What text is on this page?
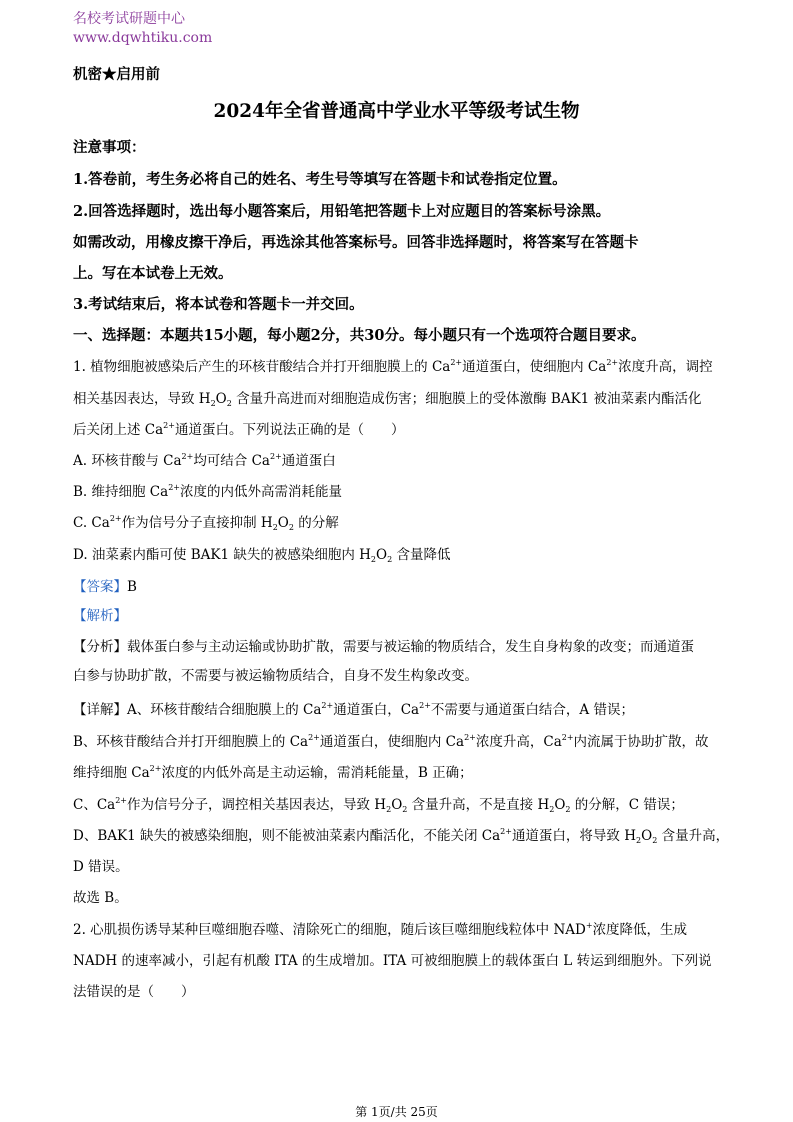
名校考试研题中心
www.dqwhtiku.com
机密★启用前
2024年全省普通高中学业水平等级考试生物
注意事项：
1.答卷前，考生务必将自己的姓名、考生号等填写在答题卡和试卷指定位置。
2.回答选择题时，选出每小题答案后，用铅笔把答题卡上对应题目的答案标号涂黑。
如需改动，用橡皮擦干净后，再选涂其他答案标号。回答非选择题时，将答案写在答题卡
上。写在本试卷上无效。
3.考试结束后，将本试卷和答题卡一并交回。
一、选择题：本题共15小题，每小题2分，共30分。每小题只有一个选项符合题目要求。
1. 植物细胞被感染后产生的环核苷酸结合并打开细胞膜上的 $Ca^{2+}$通道蛋白，使细胞内 $Ca^{2+}$浓度升高，调控
相关基因表达，导致 $H_2O_2$ 含量升高进而对细胞造成伤害；细胞膜上的受体激酶 BAK1 被油菜素内酯活化
后关闭上述 $Ca^{2+}$通道蛋白。下列说法正确的是（　　）
A. 环核苷酸与 $Ca^{2+}$均可结合 $Ca^{2+}$通道蛋白
B. 维持细胞 $Ca^{2+}$浓度的内低外高需消耗能量
C. $Ca^{2+}$作为信号分子直接抑制 $H_2O_2$ 的分解
D. 油菜素内酯可使 BAK1 缺失的被感染细胞内 $H_2O_2$ 含量降低
【答案】B
【解析】
【分析】载体蛋白参与主动运输或协助扩散，需要与被运输的物质结合，发生自身构象的改变；而通道蛋
白参与协助扩散，不需要与被运输物质结合，自身不发生构象改变。
【详解】A、环核苷酸结合细胞膜上的 $Ca^{2+}$通道蛋白，$Ca^{2+}$不需要与通道蛋白结合，A 错误；
B、环核苷酸结合并打开细胞膜上的 $Ca^{2+}$通道蛋白，使细胞内 $Ca^{2+}$浓度升高，$Ca^{2+}$内流属于协助扩散，故
维持细胞 $Ca^{2+}$浓度的内低外高是主动运输，需消耗能量，B 正确；
C、$Ca^{2+}$作为信号分子，调控相关基因表达，导致 $H_2O_2$ 含量升高，不是直接 $H_2O_2$ 的分解，C 错误；
D、BAK1 缺失的被感染细胞，则不能被油菜素内酯活化，不能关闭 $Ca^{2+}$通道蛋白，将导致 $H_2O_2$ 含量升高，
D 错误。
故选 B。
2. 心肌损伤诱导某种巨噬细胞吞噬、清除死亡的细胞，随后该巨噬细胞线粒体中 NAD+浓度降低，生成
NADH 的速率减小，引起有机酸 ITA 的生成增加。ITA 可被细胞膜上的载体蛋白 L 转运到细胞外。下列说
法错误的是（　　）
第 1页/共 25页
